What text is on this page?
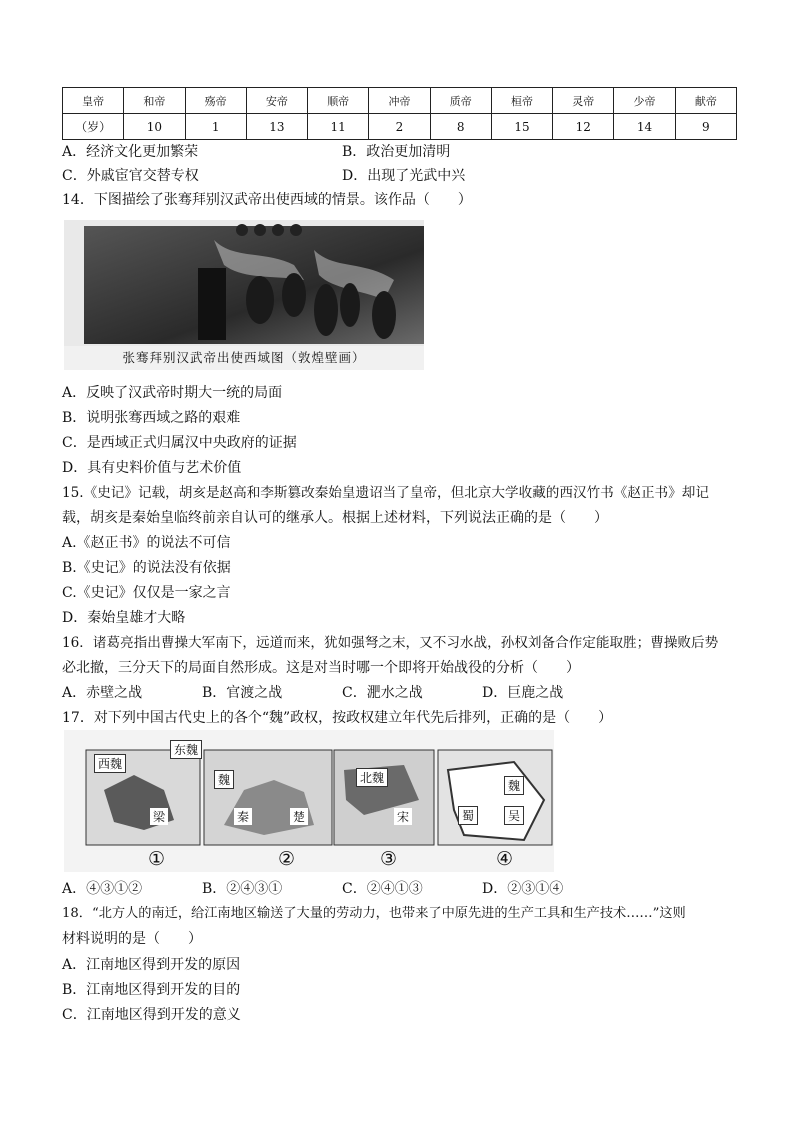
皇帝	和帝	殇帝	安帝	顺帝	冲帝	质帝	桓帝	灵帝	少帝	献帝
（岁）	10	1	13	11	2	8	15	12	14	9
A．经济文化更加繁荣	B．政治更加清明
C．外戚宦官交替专权	D．出现了光武中兴
14．下图描绘了张骞拜别汉武帝出使西域的情景。该作品（　　）
张骞拜别汉武帝出使西域图（敦煌壁画）
A．反映了汉武帝时期大一统的局面
B．说明张骞西域之路的艰难
C．是西域正式归属汉中央政府的证据
D．具有史料价值与艺术价值
15.《史记》记载，胡亥是赵高和李斯篡改秦始皇遗诏当了皇帝，但北京大学收藏的西汉竹书《赵正书》却记
载，胡亥是秦始皇临终前亲自认可的继承人。根据上述材料，下列说法正确的是（　　）
A.《赵正书》的说法不可信
B.《史记》的说法没有依据
C.《史记》仅仅是一家之言
D．秦始皇雄才大略
16．诸葛亮指出曹操大军南下，远道而来，犹如强弩之末，又不习水战，孙权刘备合作定能取胜；曹操败后势
必北撤，三分天下的局面自然形成。这是对当时哪一个即将开始战役的分析（　　）
A．赤壁之战	B．官渡之战	C．淝水之战	D．巨鹿之战
17．对下列中国古代史上的各个“魏”政权，按政权建立年代先后排列，正确的是（　　）
西魏
东魏
梁
魏
秦	楚
北魏
宋
魏
蜀	吴
①	②	③	④
A．④③①②	B．②④③①	C．②④①③	D．②③①④
18．“北方人的南迁，给江南地区输送了大量的劳动力，也带来了中原先进的生产工具和生产技术……”这则
材料说明的是（　　）
A．江南地区得到开发的原因
B．江南地区得到开发的目的
C．江南地区得到开发的意义
